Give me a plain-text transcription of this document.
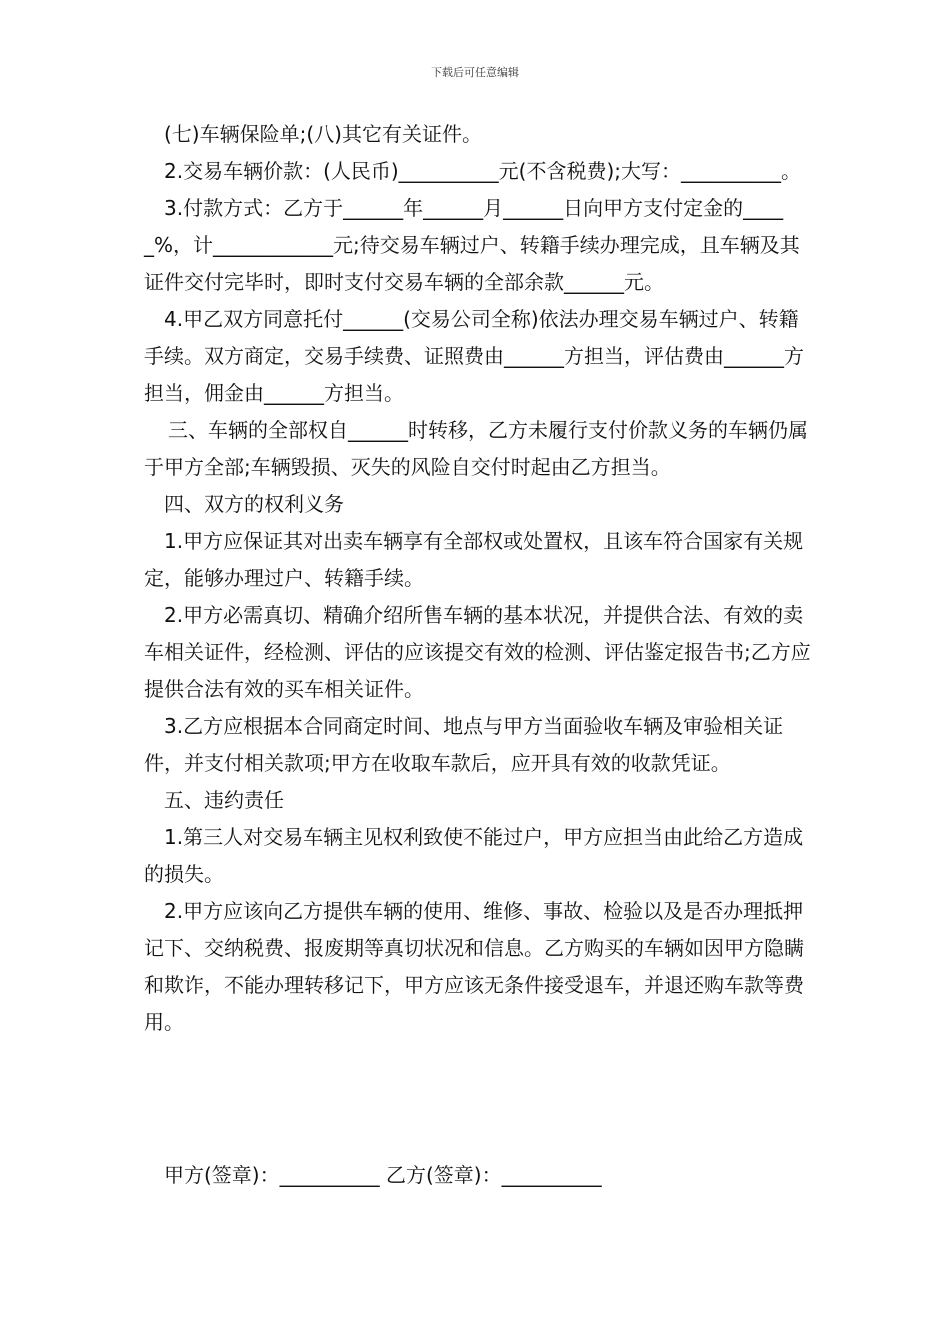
下载后可任意编辑

(七)车辆保险单;(八)其它有关证件。

2.交易车辆价款：(人民币)__________元(不含税费);大写：__________。

3.付款方式：乙方于______年______月______日向甲方支付定金的_____%，计____________元;待交易车辆过户、转籍手续办理完成，且车辆及其证件交付完毕时，即时支付交易车辆的全部余款______元。

4.甲乙双方同意托付______(交易公司全称)依法办理交易车辆过户、转籍手续。双方商定，交易手续费、证照费由______方担当，评估费由______方担当，佣金由______方担当。

三、车辆的全部权自______时转移，乙方未履行支付价款义务的车辆仍属于甲方全部;车辆毁损、灭失的风险自交付时起由乙方担当。

四、双方的权利义务

1.甲方应保证其对出卖车辆享有全部权或处置权，且该车符合国家有关规定，能够办理过户、转籍手续。

2.甲方必需真切、精确介绍所售车辆的基本状况，并提供合法、有效的卖车相关证件，经检测、评估的应该提交有效的检测、评估鉴定报告书;乙方应提供合法有效的买车相关证件。

3.乙方应根据本合同商定时间、地点与甲方当面验收车辆及审验相关证件，并支付相关款项;甲方在收取车款后，应开具有效的收款凭证。

五、违约责任

1.第三人对交易车辆主见权利致使不能过户，甲方应担当由此给乙方造成的损失。

2.甲方应该向乙方提供车辆的使用、维修、事故、检验以及是否办理抵押记下、交纳税费、报废期等真切状况和信息。乙方购买的车辆如因甲方隐瞒和欺诈，不能办理转移记下，甲方应该无条件接受退车，并退还购车款等费用。

甲方(签章)：__________ 乙方(签章)：__________
